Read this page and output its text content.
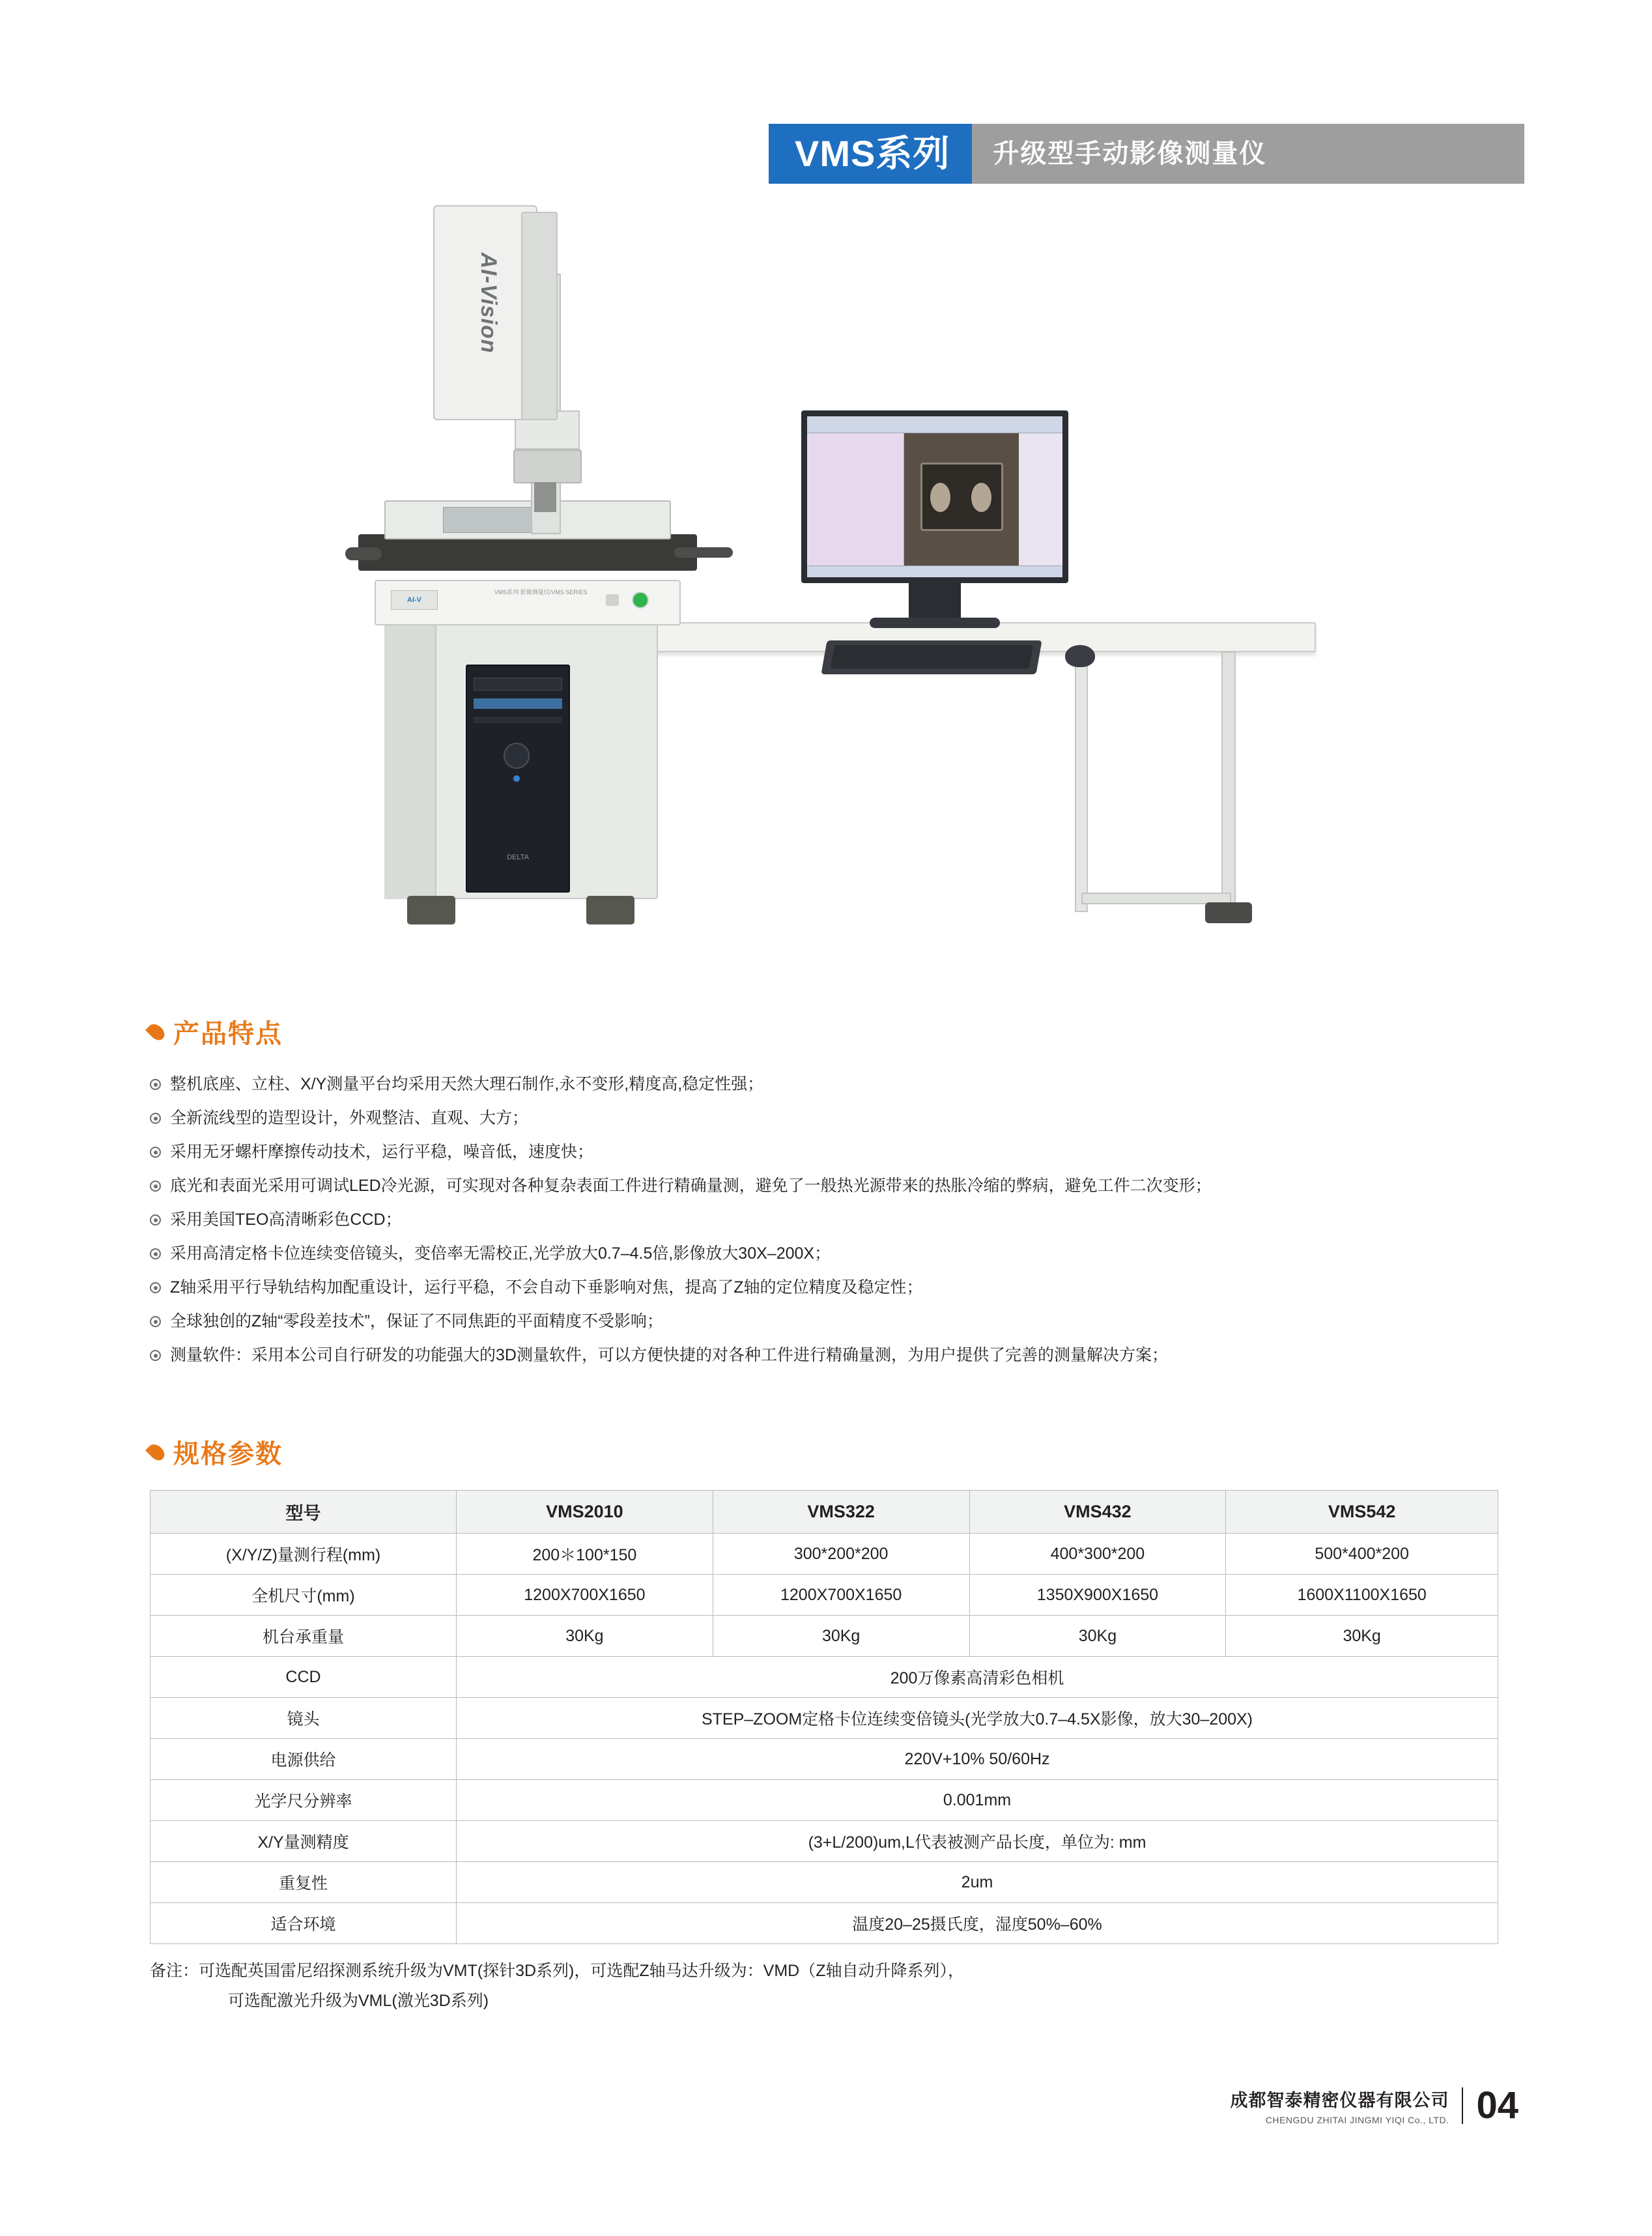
VMS系列	升级型手动影像测量仪
DELTA
AI-V
VMS系列 影像测量仪/VMS SERIES
AI-Vision
产品特点
整机底座、立柱、X/Y测量平台均采用天然大理石制作,永不变形,精度高,稳定性强；
全新流线型的造型设计，外观整洁、直观、大方；
采用无牙螺杆摩擦传动技术，运行平稳，噪音低，速度快；
底光和表面光采用可调试LED冷光源，可实现对各种复杂表面工件进行精确量测，避免了一般热光源带来的热胀冷缩的弊病，避免工件二次变形；
采用美国TEO高清晰彩色CCD；
采用高清定格卡位连续变倍镜头，变倍率无需校正,光学放大0.7–4.5倍,影像放大30X–200X；
Z轴采用平行导轨结构加配重设计，运行平稳，不会自动下垂影响对焦，提高了Z轴的定位精度及稳定性；
全球独创的Z轴“零段差技术”，保证了不同焦距的平面精度不受影响；
测量软件：采用本公司自行研发的功能强大的3D测量软件，可以方便快捷的对各种工件进行精确量测，为用户提供了完善的测量解决方案；
规格参数
型号	VMS2010	VMS322	VMS432	VMS542
(X/Y/Z)量测行程(mm)	200＊100*150	300*200*200	400*300*200	500*400*200
全机尺寸(mm)	1200X700X1650	1200X700X1650	1350X900X1650	1600X1100X1650
机台承重量	30Kg	30Kg	30Kg	30Kg
CCD	200万像素高清彩色相机			
镜头	STEP–ZOOM定格卡位连续变倍镜头(光学放大0.7–4.5X影像，放大30–200X)			
电源供给	220V+10% 50/60Hz			
光学尺分辨率	0.001mm			
X/Y量测精度	(3+L/200)um,L代表被测产品长度，单位为: mm			
重复性	2um			
适合环境	温度20–25摄氏度，湿度50%–60%			
备注：可选配英国雷尼绍探测系统升级为VMT(探针3D系列)，可选配Z轴马达升级为：VMD（Z轴自动升降系列），
可选配激光升级为VML(激光3D系列)
成都智泰精密仪器有限公司
CHENGDU ZHITAI JINGMI YIQI Co., LTD. 04
